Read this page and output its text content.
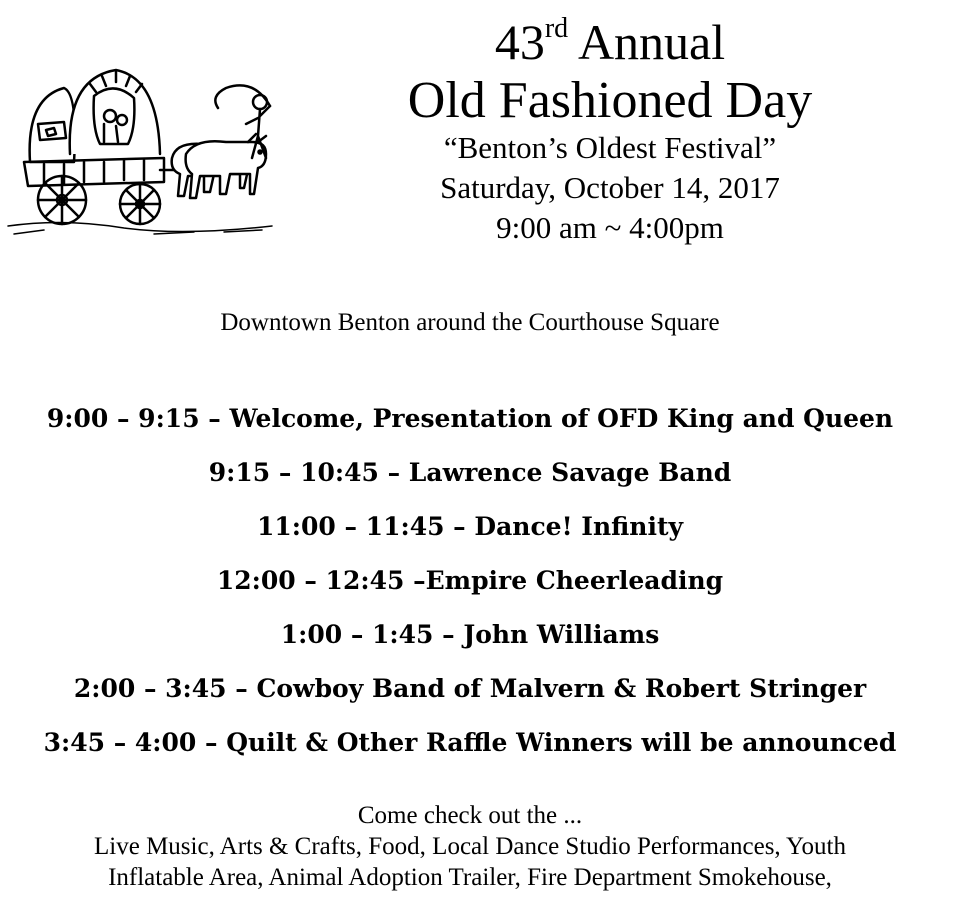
43rd Annual
Old Fashioned Day
“Benton’s Oldest Festival”
Saturday, October 14, 2017
9:00 am ~ 4:00pm
Downtown Benton around the Courthouse Square
9:00 – 9:15 – Welcome, Presentation of OFD King and Queen
9:15 – 10:45 – Lawrence Savage Band
11:00 – 11:45 – Dance! Infinity
12:00 – 12:45 –Empire Cheerleading
1:00 – 1:45 – John Williams
2:00 – 3:45 – Cowboy Band of Malvern & Robert Stringer
3:45 – 4:00 – Quilt & Other Raffle Winners will be announced
Come check out the ...
Live Music, Arts & Crafts, Food, Local Dance Studio Performances, Youth
Inflatable Area, Animal Adoption Trailer, Fire Department Smokehouse,
